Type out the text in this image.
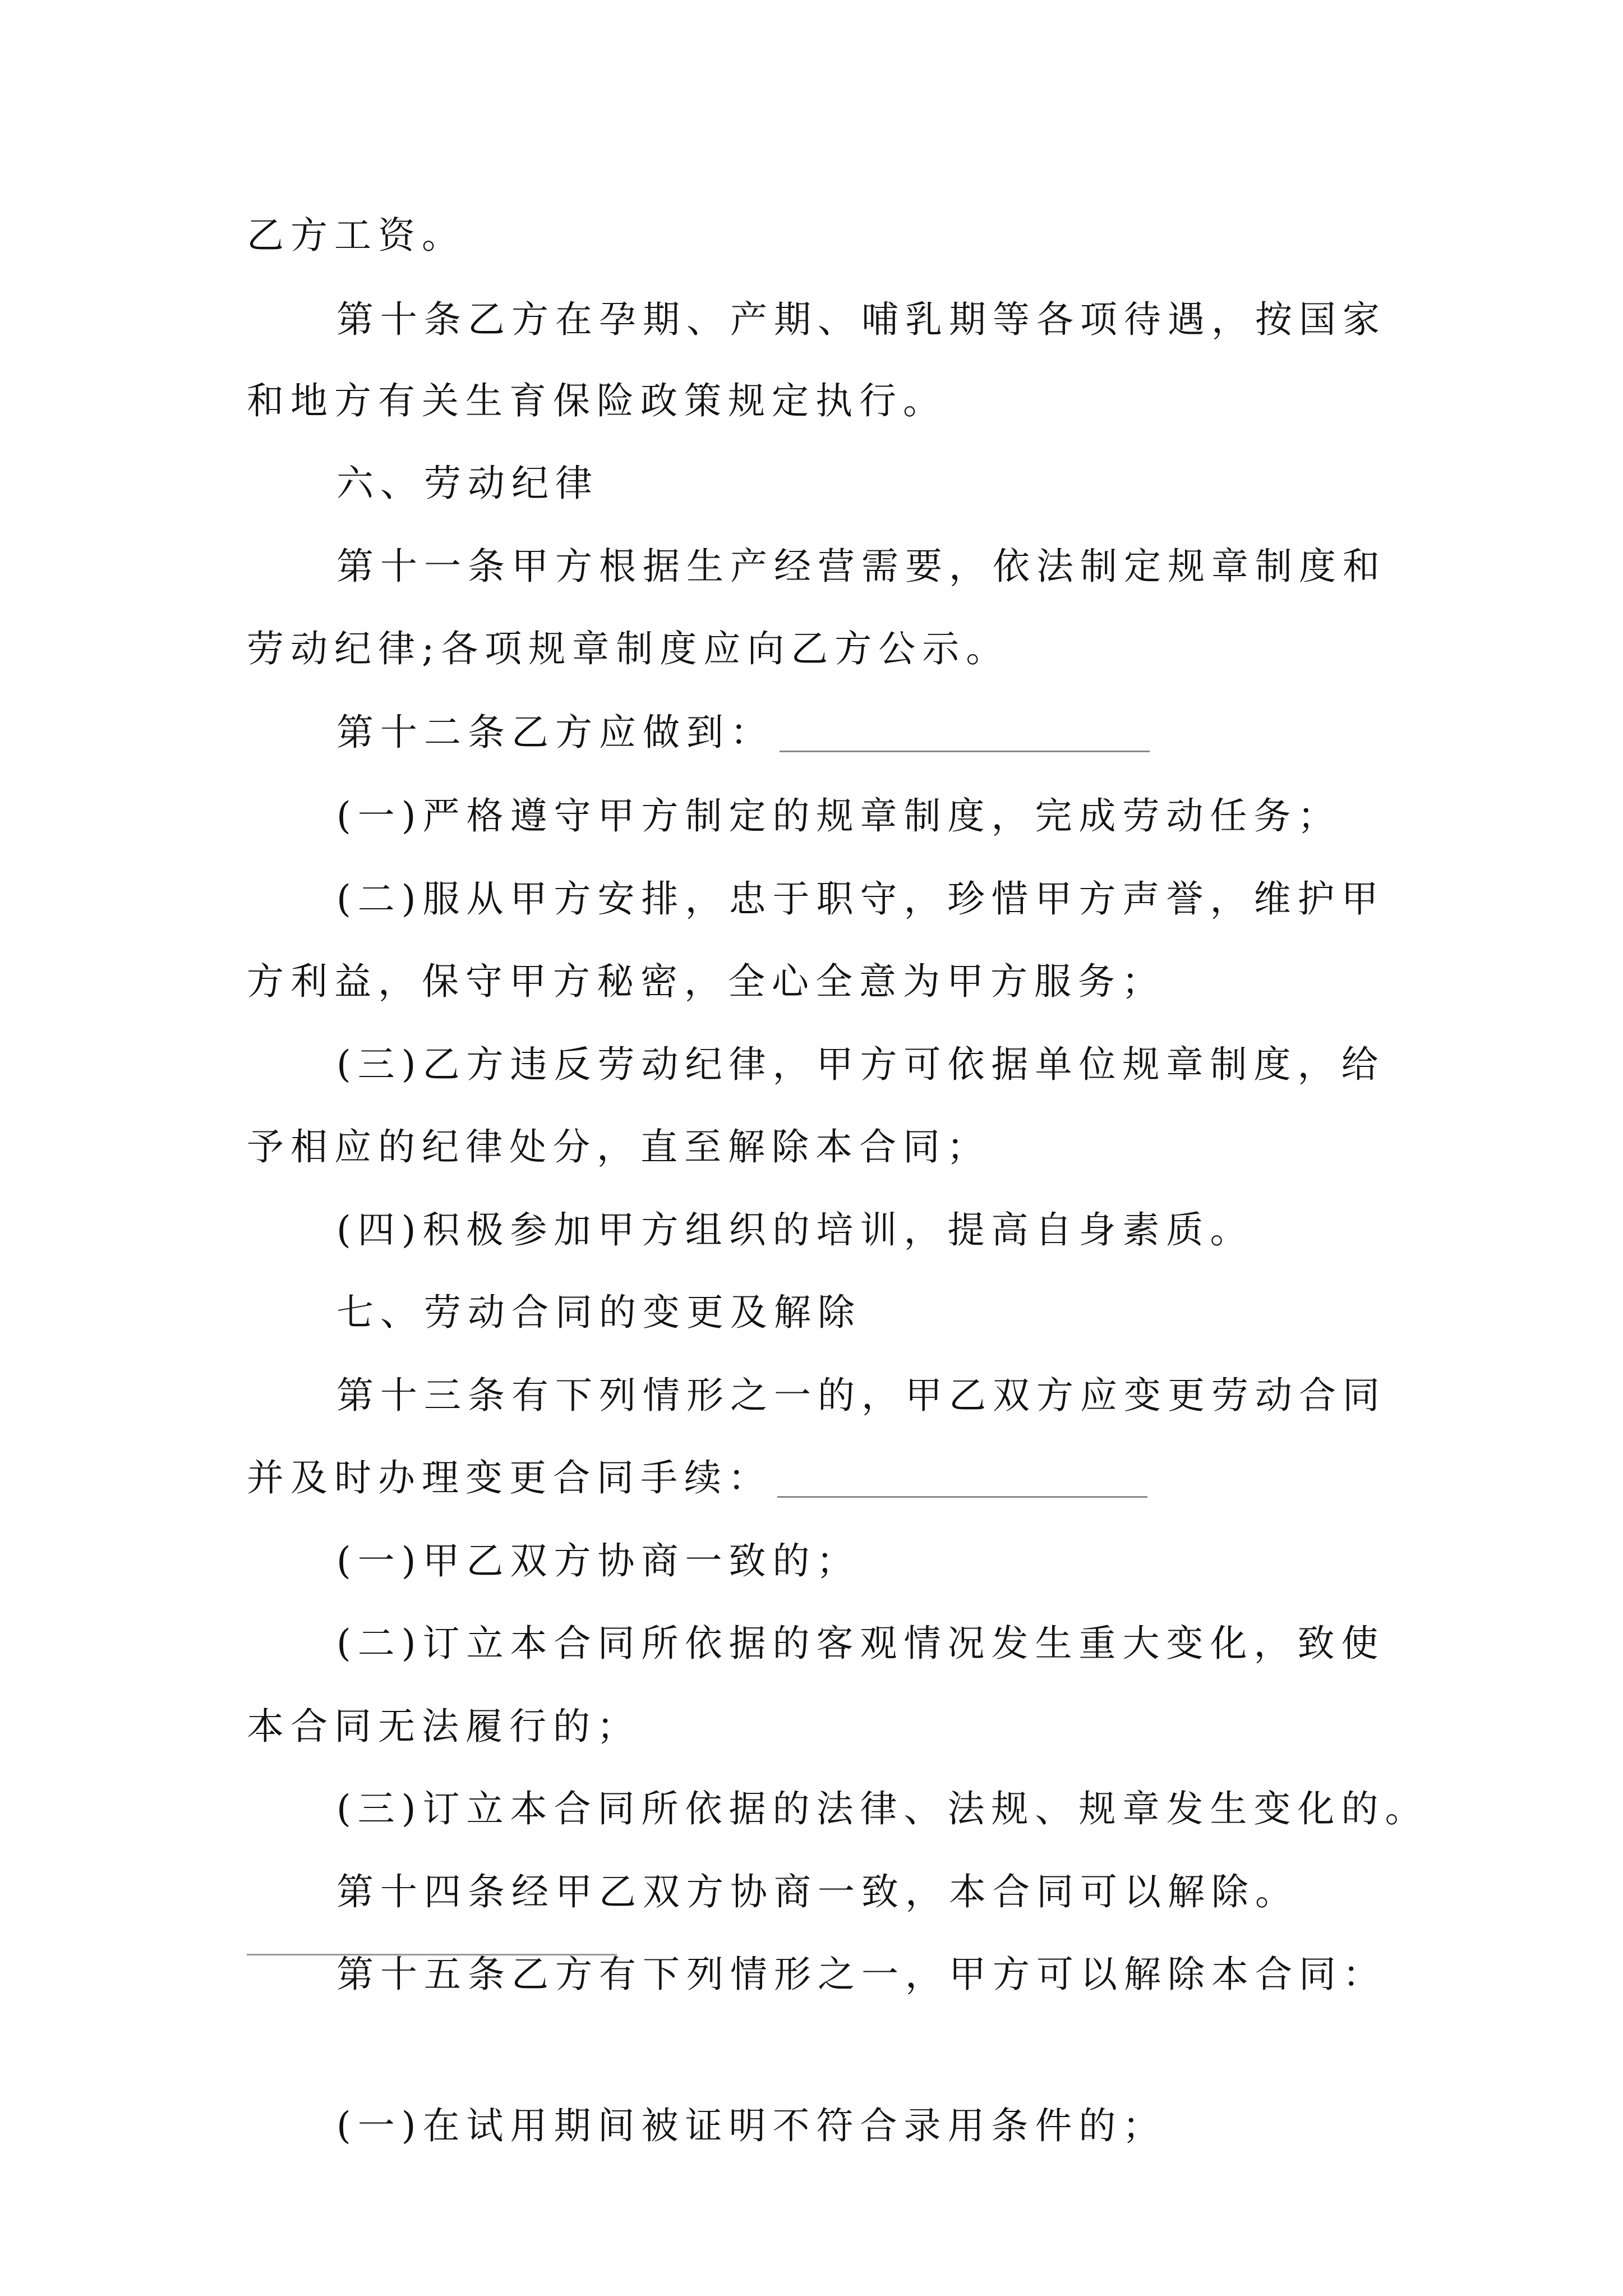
乙方工资。
第十条乙方在孕期、产期、哺乳期等各项待遇，按国家
和地方有关生育保险政策规定执行。
六、劳动纪律
第十一条甲方根据生产经营需要，依法制定规章制度和
劳动纪律;各项规章制度应向乙方公示。
第十二条乙方应做到：
(一)严格遵守甲方制定的规章制度，完成劳动任务；
(二)服从甲方安排，忠于职守，珍惜甲方声誉，维护甲
方利益，保守甲方秘密，全心全意为甲方服务；
(三)乙方违反劳动纪律，甲方可依据单位规章制度，给
予相应的纪律处分，直至解除本合同；
(四)积极参加甲方组织的培训，提高自身素质。
七、劳动合同的变更及解除
第十三条有下列情形之一的，甲乙双方应变更劳动合同
并及时办理变更合同手续：
(一)甲乙双方协商一致的；
(二)订立本合同所依据的客观情况发生重大变化，致使
本合同无法履行的；
(三)订立本合同所依据的法律、法规、规章发生变化的。
第十四条经甲乙双方协商一致，本合同可以解除。
第十五条乙方有下列情形之一，甲方可以解除本合同：
(一)在试用期间被证明不符合录用条件的；
